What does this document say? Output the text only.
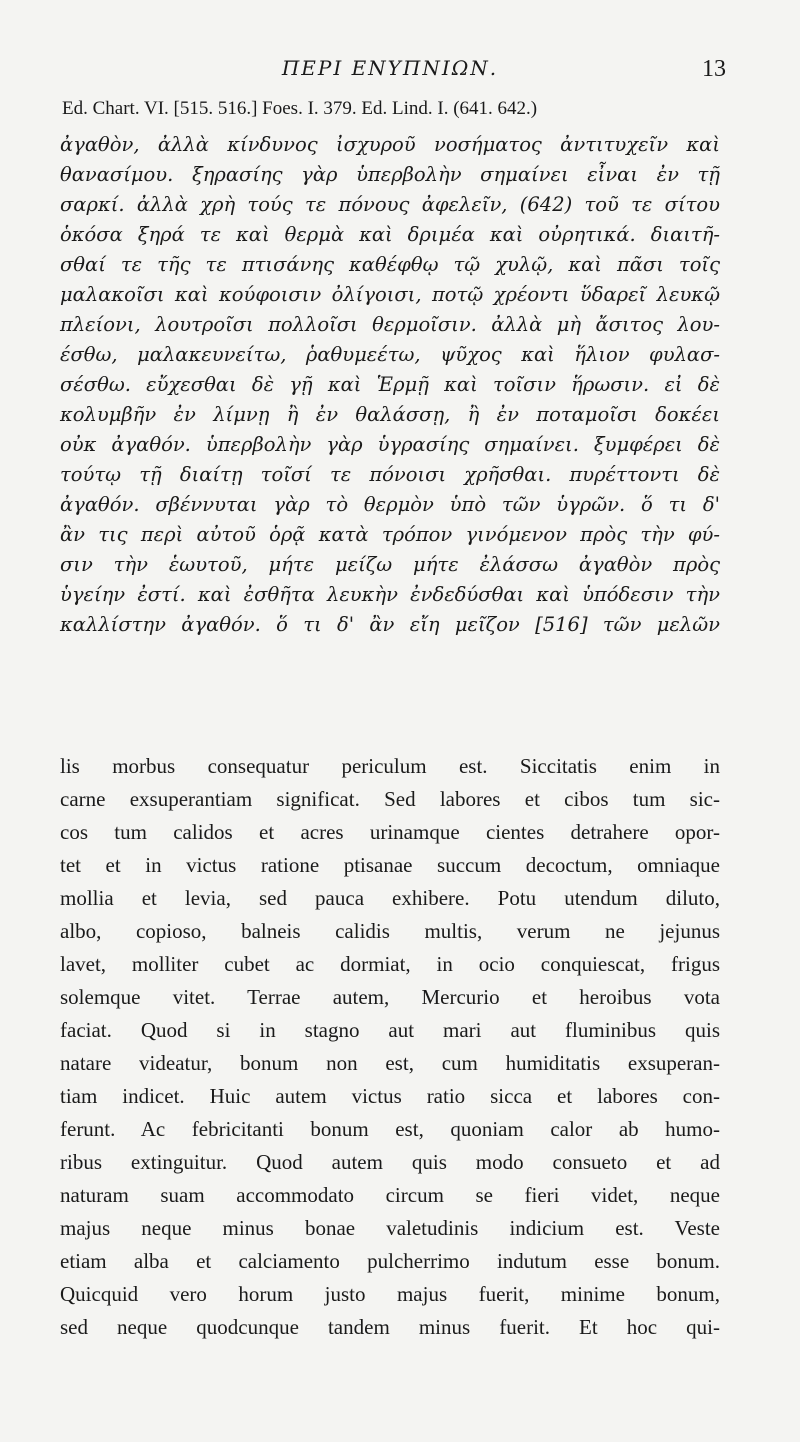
ΠΕΡΙ ΕΝΥΠΝΙΩΝ.	13
Ed. Chart. VI. [515. 516.] Foes. I. 379. Ed. Lind. I. (641. 642.)
ἀγαθὸν, ἀλλὰ κίνδυνος ἰσχυροῦ νοσήματος ἀντιτυχεῖν καὶ
θανασίμου. ξηρασίης γὰρ ὑπερβολὴν σημαίνει εἶναι ἐν τῇ
σαρκί. ἀλλὰ χρὴ τούς τε πόνους ἀφελεῖν, (642) τοῦ τε σίτου
ὁκόσα ξηρά τε καὶ θερμὰ καὶ δριμέα καὶ οὐρητικά. διαιτῆ-
σθαί τε τῆς τε πτισάνης καθέφθῳ τῷ χυλῷ, καὶ πᾶσι τοῖς
μαλακοῖσι καὶ κούφοισιν ὀλίγοισι, ποτῷ χρέοντι ὕδαρεῖ λευκῷ
πλείονι, λουτροῖσι πολλοῖσι θερμοῖσιν. ἀλλὰ μὴ ἄσιτος λου-
έσθω, μαλακευνείτω, ῥαθυμεέτω, ψῦχος καὶ ἥλιον φυλασ-
σέσθω. εὔχεσθαι δὲ γῇ καὶ Ἑρμῇ καὶ τοῖσιν ἥρωσιν. εἰ δὲ
κολυμβῆν ἐν λίμνῃ ἢ ἐν θαλάσσῃ, ἢ ἐν ποταμοῖσι δοκέει
οὐκ ἀγαθόν. ὑπερβολὴν γὰρ ὑγρασίης σημαίνει. ξυμφέρει δὲ
τούτῳ τῇ διαίτῃ τοῖσί τε πόνοισι χρῆσθαι. πυρέττοντι δὲ
ἀγαθόν. σβέννυται γὰρ τὸ θερμὸν ὑπὸ τῶν ὑγρῶν. ὅ τι δ'
ἂν τις περὶ αὐτοῦ ὁρᾷ κατὰ τρόπον γινόμενον πρὸς τὴν φύ-
σιν τὴν ἑωυτοῦ, μήτε μείζω μήτε ἐλάσσω ἀγαθὸν πρὸς
ὑγείην ἐστί. καὶ ἐσθῆτα λευκὴν ἐνδεδύσθαι καὶ ὑπόδεσιν τὴν
καλλίστην ἀγαθόν. ὅ τι δ' ἂν εἴη μεῖζον [516] τῶν μελῶν
lis morbus consequatur periculum est. Siccitatis enim in
carne exsuperantiam significat. Sed labores et cibos tum sic-
cos tum calidos et acres urinamque cientes detrahere opor-
tet et in victus ratione ptisanae succum decoctum, omniaque
mollia et levia, sed pauca exhibere. Potu utendum diluto,
albo, copioso, balneis calidis multis, verum ne jejunus
lavet, molliter cubet ac dormiat, in ocio conquiescat, frigus
solemque vitet. Terrae autem, Mercurio et heroibus vota
faciat. Quod si in stagno aut mari aut fluminibus quis
natare videatur, bonum non est, cum humiditatis exsuperan-
tiam indicet. Huic autem victus ratio sicca et labores con-
ferunt. Ac febricitanti bonum est, quoniam calor ab humo-
ribus extinguitur. Quod autem quis modo consueto et ad
naturam suam accommodato circum se fieri videt, neque
majus neque minus bonae valetudinis indicium est. Veste
etiam alba et calciamento pulcherrimo indutum esse bonum.
Quicquid vero horum justo majus fuerit, minime bonum,
sed neque quodcunque tandem minus fuerit. Et hoc qui-
